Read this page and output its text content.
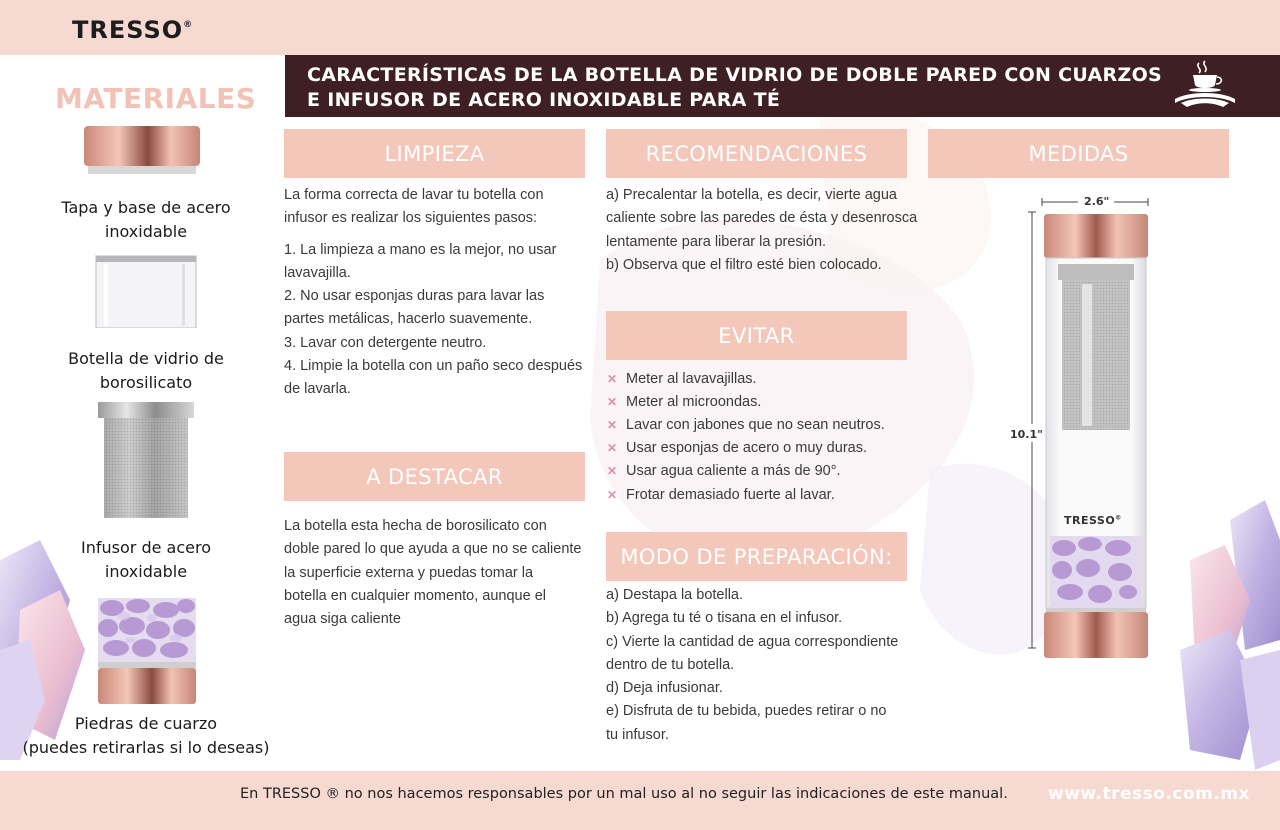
TRESSO®
CARACTERÍSTICAS DE LA BOTELLA DE VIDRIO DE DOBLE PARED CON CUARZOS
E INFUSOR DE ACERO INOXIDABLE PARA TÉ
MATERIALES
Tapa y base de acero
inoxidable
Botella de vidrio de
borosilicato
Infusor de acero
inoxidable
Piedras de cuarzo
(puedes retirarlas si lo deseas)
LIMPIEZA

La forma correcta de lavar tu botella con

infusor es realizar los siguientes pasos:

1. La limpieza a mano es la mejor, no usar

lavavajilla.

2. No usar esponjas duras para lavar las

partes metálicas, hacerlo suavemente.

3. Lavar con detergente neutro.

4. Limpie la botella con un paño seco después

de lavarla.

A DESTACAR

La botella esta hecha de borosilicato con

doble pared lo que ayuda a que no se caliente

la superficie externa y puedas tomar la

botella en cualquier momento, aunque el

agua siga caliente

RECOMENDACIONES

a) Precalentar la botella, es decir, vierte agua

caliente sobre las paredes de ésta y desenrosca

lentamente para liberar la presión.

b) Observa que el filtro esté bien colocado.

EVITAR
✕ Meter al lavavajillas.
✕ Meter al microondas.
✕ Lavar con jabones que no sean neutros.
✕ Usar esponjas de acero o muy duras.
✕ Usar agua caliente a más de 90°.
✕ Frotar demasiado fuerte al lavar.
MODO DE PREPARACIÓN:

a) Destapa la botella.

b) Agrega tu té o tisana en el infusor.

c) Vierte la cantidad de agua correspondiente

dentro de tu botella.

d) Deja infusionar.

e) Disfruta de tu bebida, puedes retirar o no

tu infusor.

MEDIDAS
2.6"
10.1"
TRESSO®
En TRESSO ® no nos hacemos responsables por un mal uso al no seguir las indicaciones de este manual. www.tresso.com.mx
